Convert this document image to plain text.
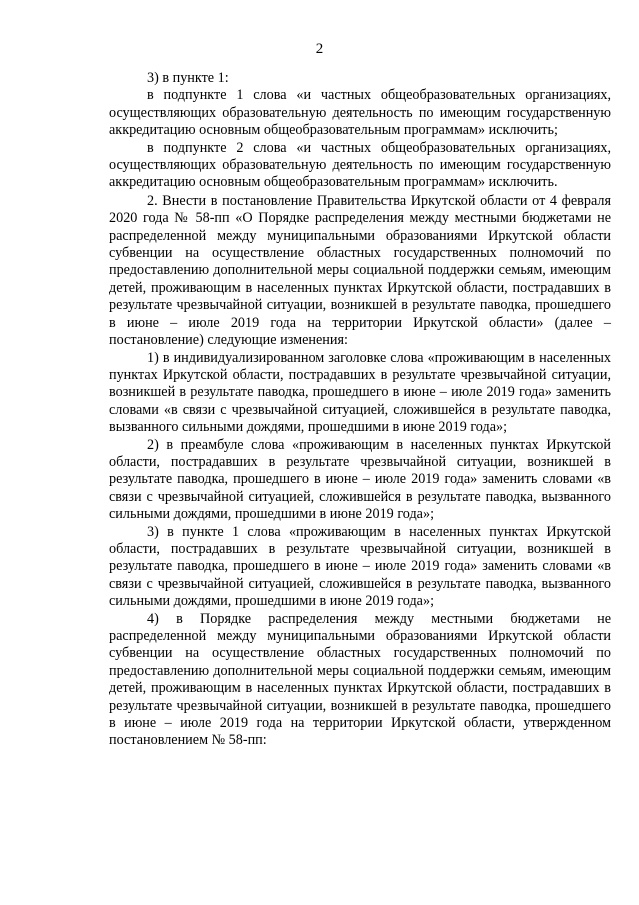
2

3) в пункте 1:

в подпункте 1 слова «и частных общеобразовательных организациях, осуществляющих образовательную деятельность по имеющим государственную аккредитацию основным общеобразовательным программам» исключить;

в подпункте 2 слова «и частных общеобразовательных организациях, осуществляющих образовательную деятельность по имеющим государственную аккредитацию основным общеобразовательным программам» исключить.

2. Внести в постановление Правительства Иркутской области от 4 февраля 2020 года № 58-пп «О Порядке распределения между местными бюджетами не распределенной между муниципальными образованиями Иркутской области субвенции на осуществление областных государственных полномочий по предоставлению дополнительной меры социальной поддержки семьям, имеющим детей, проживающим в населенных пунктах Иркутской области, пострадавших в результате чрезвычайной ситуации, возникшей в результате паводка, прошедшего в июне – июле 2019 года на территории Иркутской области» (далее – постановление) следующие изменения:

1) в индивидуализированном заголовке слова «проживающим в населенных пунктах Иркутской области, пострадавших в результате чрезвычайной ситуации, возникшей в результате паводка, прошедшего в июне – июле 2019 года» заменить словами «в связи с чрезвычайной ситуацией, сложившейся в результате паводка, вызванного сильными дождями, прошедшими в июне 2019 года»;

2) в преамбуле слова «проживающим в населенных пунктах Иркутской области, пострадавших в результате чрезвычайной ситуации, возникшей в результате паводка, прошедшего в июне – июле 2019 года» заменить словами «в связи с чрезвычайной ситуацией, сложившейся в результате паводка, вызванного сильными дождями, прошедшими в июне 2019 года»;

3) в пункте 1 слова «проживающим в населенных пунктах Иркутской области, пострадавших в результате чрезвычайной ситуации, возникшей в результате паводка, прошедшего в июне – июле 2019 года» заменить словами «в связи с чрезвычайной ситуацией, сложившейся в результате паводка, вызванного сильными дождями, прошедшими в июне 2019 года»;

4) в Порядке распределения между местными бюджетами не распределенной между муниципальными образованиями Иркутской области субвенции на осуществление областных государственных полномочий по предоставлению дополнительной меры социальной поддержки семьям, имеющим детей, проживающим в населенных пунктах Иркутской области, пострадавших в результате чрезвычайной ситуации, возникшей в результате паводка, прошедшего в июне – июле 2019 года на территории Иркутской области, утвержденном постановлением № 58-пп:
